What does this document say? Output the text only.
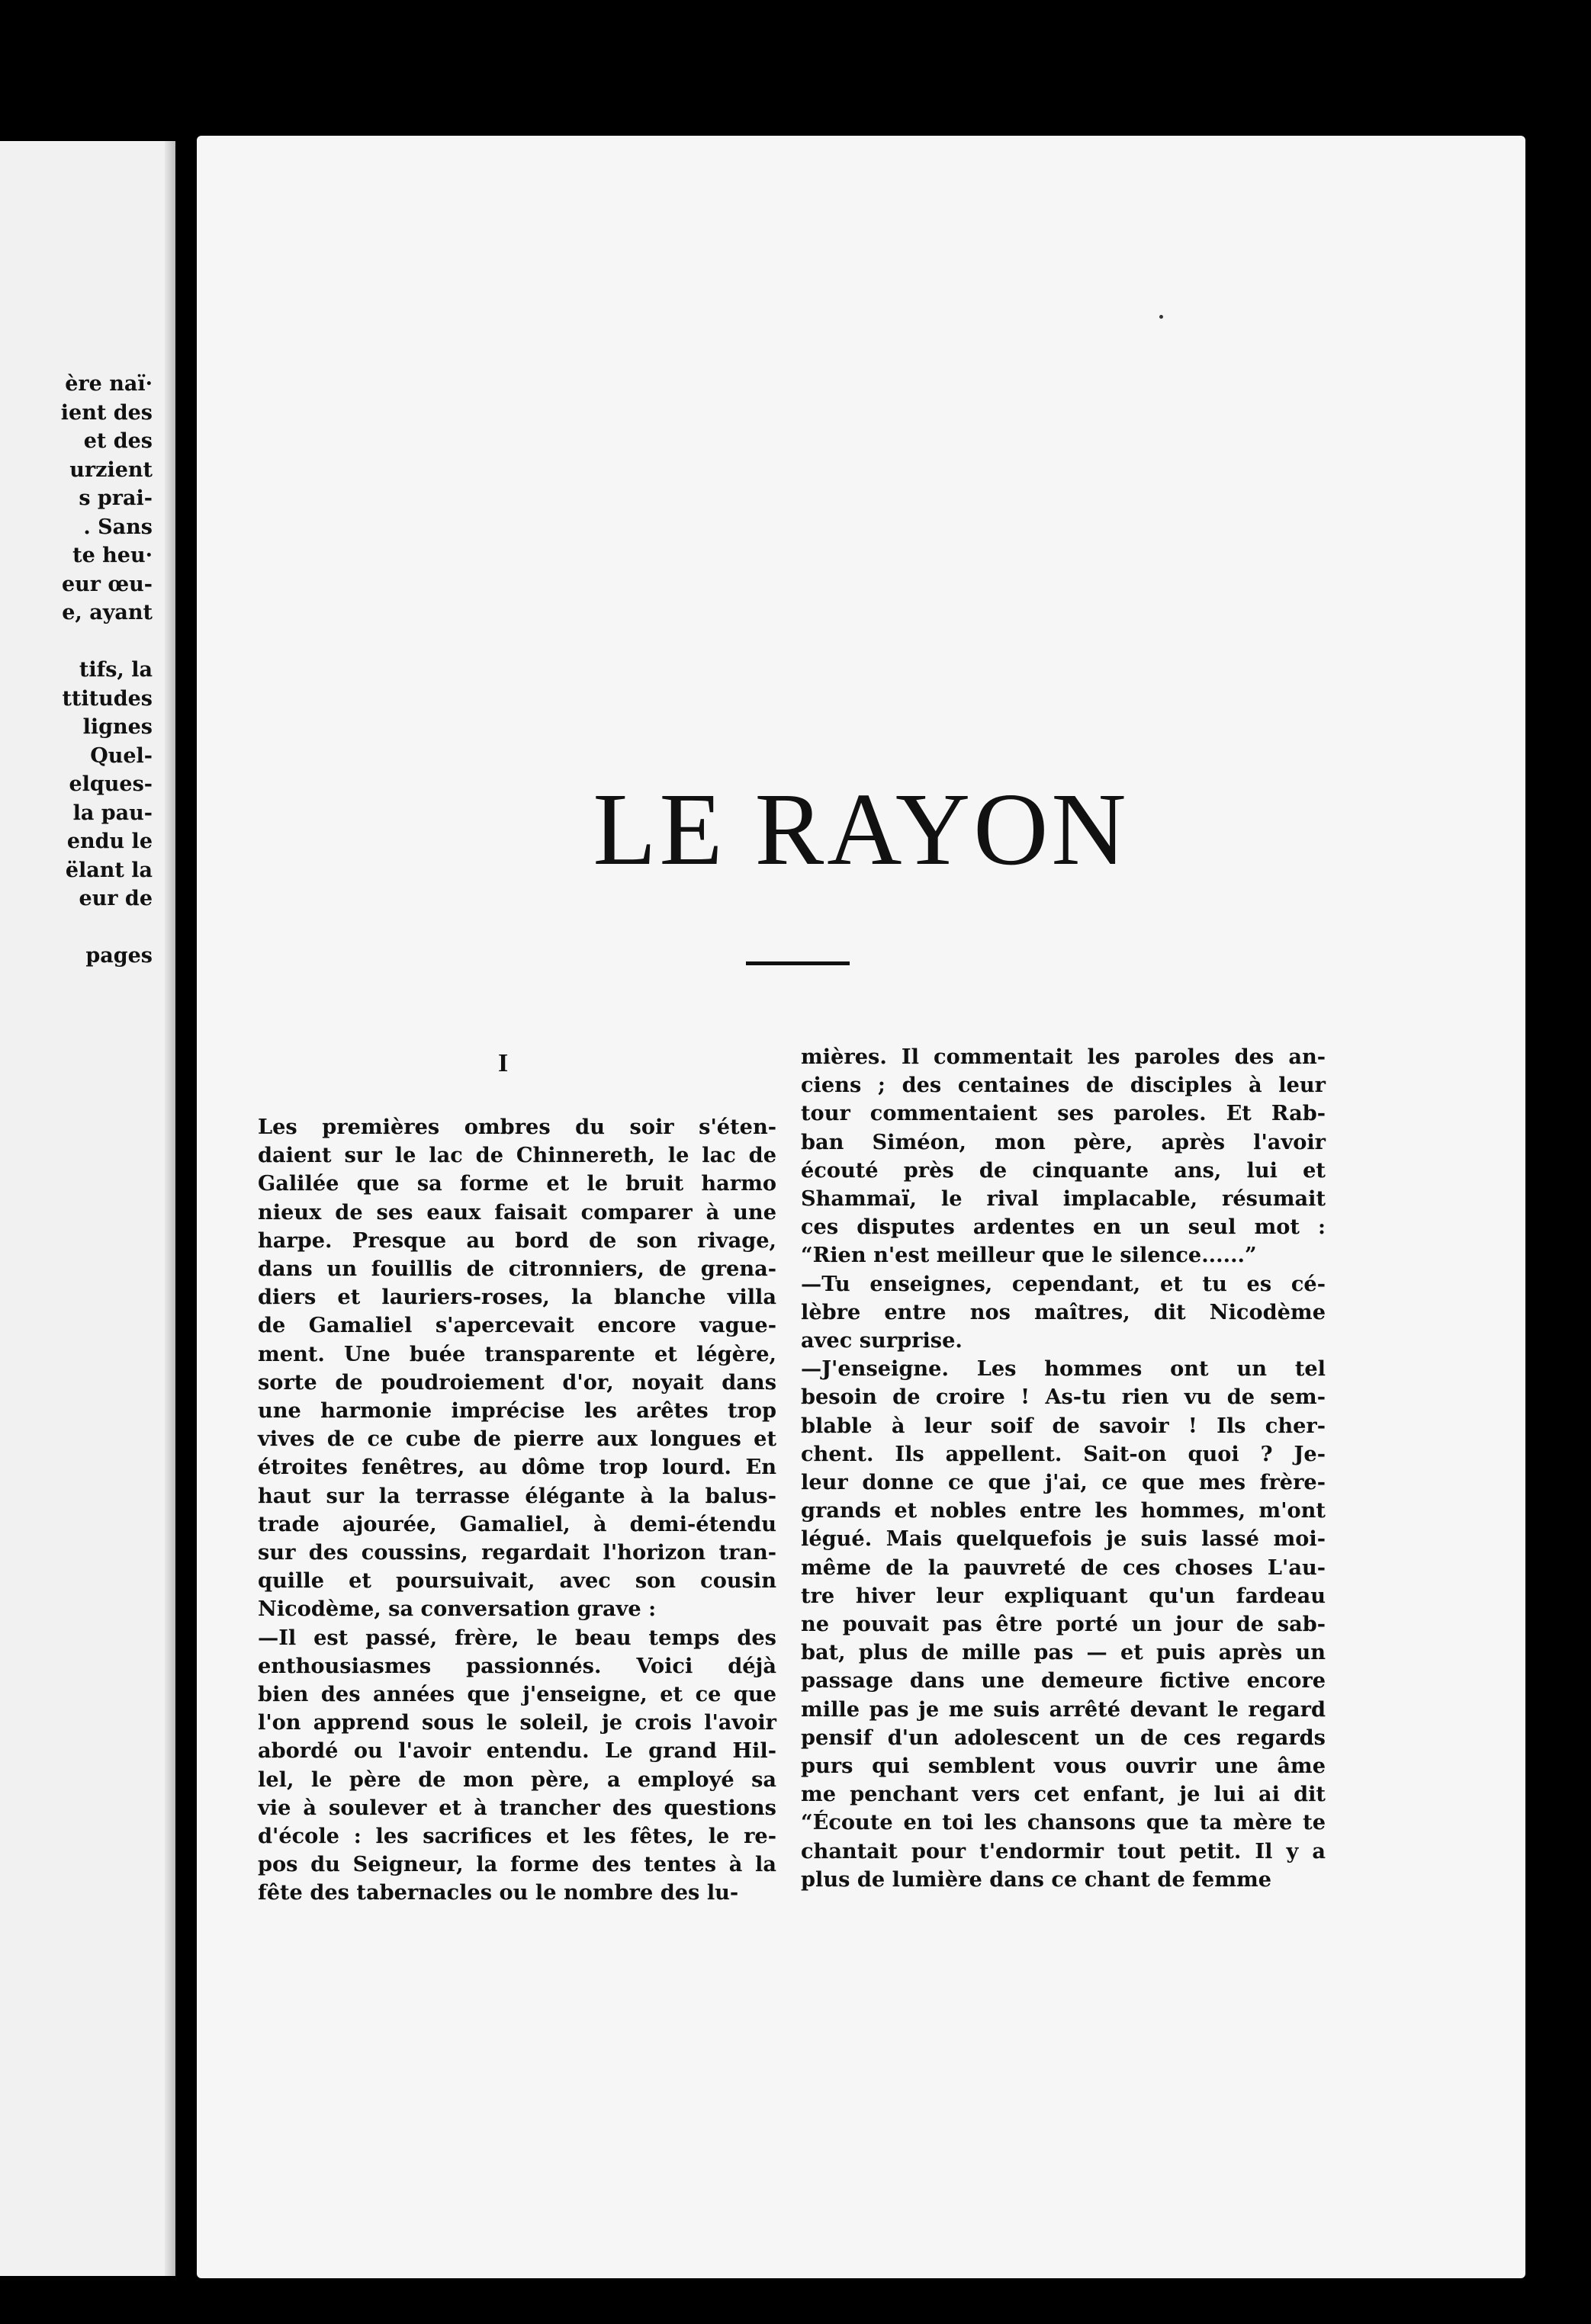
ère naï·
ient des
et des
urzient
s prai-
. Sans
te heu·
eur œu-
e, ayant

tifs, la
ttitudes
lignes
Quel-
elques-
la pau-
endu le
ëlant la
eur de

pages
LE RAYON
I
Les premières ombres du soir s'éten-
daient sur le lac de Chinnereth, le lac de
Galilée que sa forme et le bruit harmo
nieux de ses eaux faisait comparer à une
harpe. Presque au bord de son rivage,
dans un fouillis de citronniers, de grena-
diers et lauriers-roses, la blanche villa
de Gamaliel s'apercevait encore vague-
ment. Une buée transparente et légère,
sorte de poudroiement d'or, noyait dans
une harmonie imprécise les arêtes trop
vives de ce cube de pierre aux longues et
étroites fenêtres, au dôme trop lourd. En
haut sur la terrasse élégante à la balus-
trade ajourée, Gamaliel, à demi-étendu
sur des coussins, regardait l'horizon tran-
quille et poursuivait, avec son cousin
Nicodème, sa conversation grave :
—Il est passé, frère, le beau temps des
enthousiasmes passionnés. Voici déjà
bien des années que j'enseigne, et ce que
l'on apprend sous le soleil, je crois l'avoir
abordé ou l'avoir entendu. Le grand Hil-
lel, le père de mon père, a employé sa
vie à soulever et à trancher des questions
d'école : les sacrifices et les fêtes, le re-
pos du Seigneur, la forme des tentes à la
fête des tabernacles ou le nombre des lu-
mières. Il commentait les paroles des an-
ciens ; des centaines de disciples à leur
tour commentaient ses paroles. Et Rab-
ban Siméon, mon père, après l'avoir
écouté près de cinquante ans, lui et
Shammaï, le rival implacable, résumait
ces disputes ardentes en un seul mot :
“Rien n'est meilleur que le silence......”
—Tu enseignes, cependant, et tu es cé-
lèbre entre nos maîtres, dit Nicodème
avec surprise.
—J'enseigne. Les hommes ont un tel
besoin de croire ! As-tu rien vu de sem-
blable à leur soif de savoir ! Ils cher-
chent. Ils appellent. Sait-on quoi ? Je-
leur donne ce que j'ai, ce que mes frère-
grands et nobles entre les hommes, m'ont
légué. Mais quelquefois je suis lassé moi-
même de la pauvreté de ces choses L'au-
tre hiver leur expliquant qu'un fardeau
ne pouvait pas être porté un jour de sab-
bat, plus de mille pas — et puis après un
passage dans une demeure fictive encore
mille pas je me suis arrêté devant le regard
pensif d'un adolescent un de ces regards
purs qui semblent vous ouvrir une âme
me penchant vers cet enfant, je lui ai dit
“Écoute en toi les chansons que ta mère te
chantait pour t'endormir tout petit. Il y a
plus de lumière dans ce chant de femme
